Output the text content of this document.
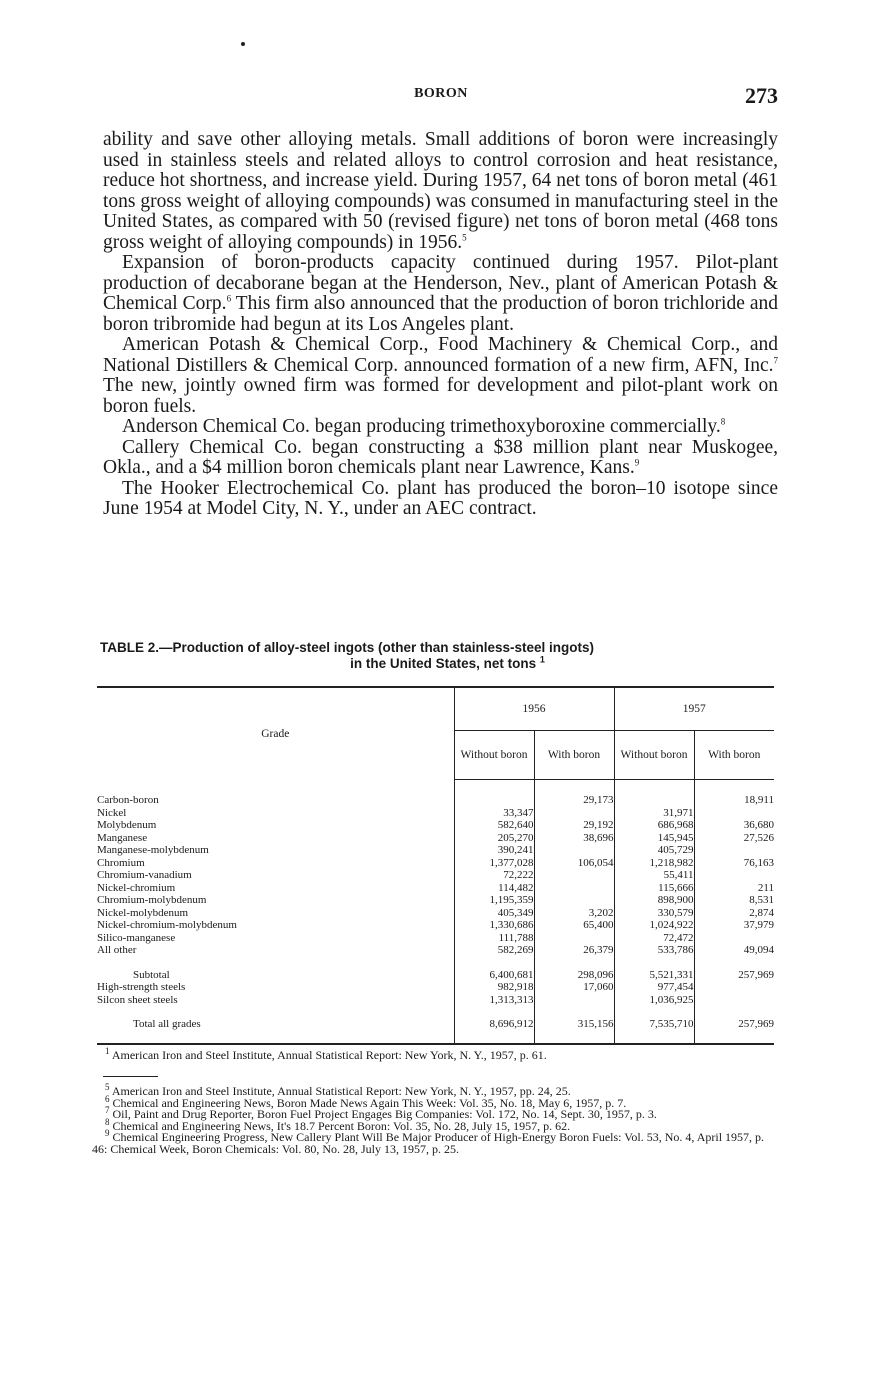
BORON	273

ability and save other alloying metals. Small additions of boron were increasingly used in stainless steels and related alloys to control corrosion and heat resistance, reduce hot shortness, and increase yield. During 1957, 64 net tons of boron metal (461 tons gross weight of alloying compounds) was consumed in manufacturing steel in the United States, as compared with 50 (revised figure) net tons of boron metal (468 tons gross weight of alloying compounds) in 1956.$^5$

Expansion of boron-products capacity continued during 1957. Pilot-plant production of decaborane began at the Henderson, Nev., plant of American Potash & Chemical Corp.$^6$ This firm also announced that the production of boron trichloride and boron tribromide had begun at its Los Angeles plant.

American Potash & Chemical Corp., Food Machinery & Chemical Corp., and National Distillers & Chemical Corp. announced formation of a new firm, AFN, Inc.$^7$ The new, jointly owned firm was formed for development and pilot-plant work on boron fuels.

Anderson Chemical Co. began producing trimethoxyboroxine commercially.$^8$

Callery Chemical Co. began constructing a $38 million plant near Muskogee, Okla., and a $4 million boron chemicals plant near Lawrence, Kans.$^9$

The Hooker Electrochemical Co. plant has produced the boron–10 isotope since June 1954 at Model City, N. Y., under an AEC contract.

TABLE 2.—Production of alloy-steel ingots (other than stainless-steel ingots)
in the United States, net tons $^1$
Grade	1956		1957	
	Without boron	With boron	Without boron	With boron

Carbon-boron		29,173		18,911
Nickel	33,347		31,971	
Molybdenum	582,640	29,192	686,968	36,680
Manganese	205,270	38,696	145,945	27,526
Manganese-molybdenum	390,241		405,729	
Chromium	1,377,028	106,054	1,218,982	76,163
Chromium-vanadium	72,222		55,411	
Nickel-chromium	114,482		115,666	211
Chromium-molybdenum	1,195,359		898,900	8,531
Nickel-molybdenum	405,349	3,202	330,579	2,874
Nickel-chromium-molybdenum	1,330,686	65,400	1,024,922	37,979
Silico-manganese	111,788		72,472	
All other	582,269	26,379	533,786	49,094

Subtotal	6,400,681	298,096	5,521,331	257,969
High-strength steels	982,918	17,060	977,454	
Silcon sheet steels	1,313,313		1,036,925	

Total all grades	8,696,912	315,156	7,535,710	257,969

$^1$ American Iron and Steel Institute, Annual Statistical Report: New York, N. Y., 1957, p. 61.

$^5$ American Iron and Steel Institute, Annual Statistical Report: New York, N. Y., 1957, pp. 24, 25.

$^6$ Chemical and Engineering News, Boron Made News Again This Week: Vol. 35, No. 18, May 6, 1957, p. 7.

$^7$ Oil, Paint and Drug Reporter, Boron Fuel Project Engages Big Companies: Vol. 172, No. 14, Sept. 30, 1957, p. 3.

$^8$ Chemical and Engineering News, It's 18.7 Percent Boron: Vol. 35, No. 28, July 15, 1957, p. 62.

$^9$ Chemical Engineering Progress, New Callery Plant Will Be Major Producer of High-Energy Boron Fuels: Vol. 53, No. 4, April 1957, p. 46: Chemical Week, Boron Chemicals: Vol. 80, No. 28, July 13, 1957, p. 25.
